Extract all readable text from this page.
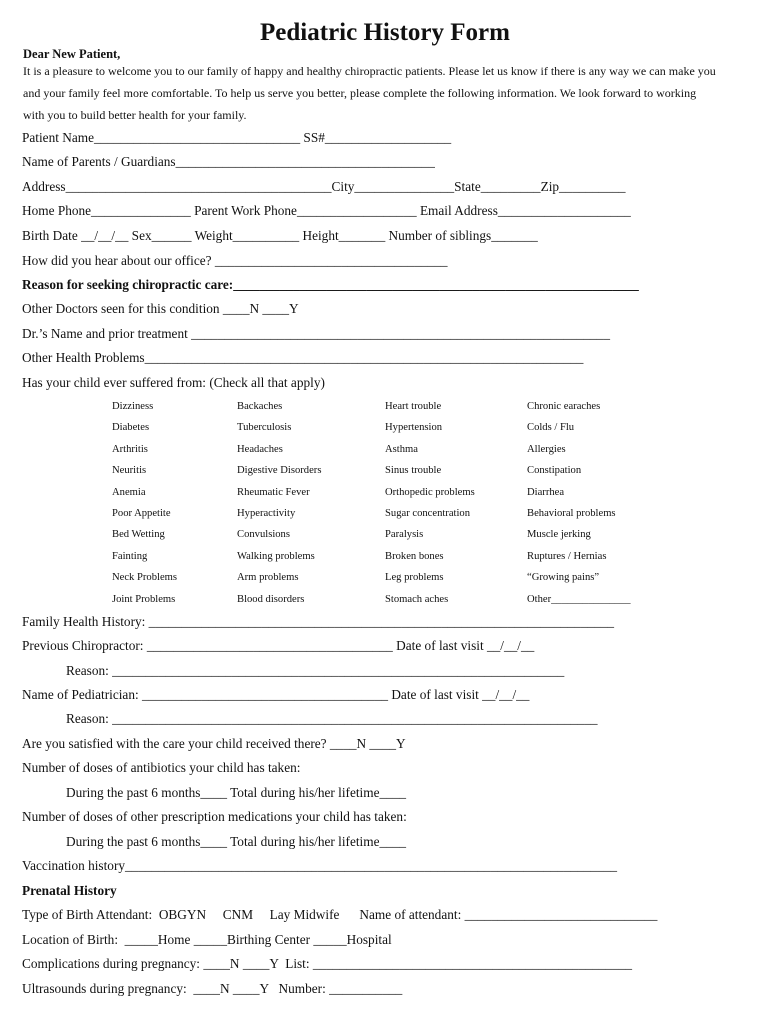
Pediatric History Form
Dear New Patient,
It is a pleasure to welcome you to our family of happy and healthy chiropractic patients. Please let us know if there is any way we can make you
and your family feel more comfortable. To help us serve you better, please complete the following information. We look forward to working
with you to build better health for your family.
Patient Name_______________________________ SS#___________________
Name of Parents / Guardians_______________________________________
Address________________________________________City_______________State_________Zip__________
Home Phone_______________ Parent Work Phone__________________ Email Address____________________
Birth Date __/__/__ Sex______ Weight__________ Height_______ Number of siblings_______
How did you hear about our office? ___________________________________
Reason for seeking chiropractic care:_____________________________________________________________
Other Doctors seen for this condition ____N ____Y
Dr.’s Name and prior treatment _______________________________________________________________
Other Health Problems__________________________________________________________________
Has your child ever suffered from: (Check all that apply)
Dizziness	Backaches	Heart trouble	Chronic earaches
Diabetes	Tuberculosis	Hypertension	Colds / Flu
Arthritis	Headaches	Asthma	Allergies
Neuritis	Digestive Disorders	Sinus trouble	Constipation
Anemia	Rheumatic Fever	Orthopedic problems	Diarrhea
Poor Appetite	Hyperactivity	Sugar concentration	Behavioral problems
Bed Wetting	Convulsions	Paralysis	Muscle jerking
Fainting	Walking problems	Broken bones	Ruptures / Hernias
Neck Problems	Arm problems	Leg problems	“Growing pains”
Joint Problems	Blood disorders	Stomach aches	Other_______________
Family Health History: ______________________________________________________________________
Previous Chiropractor: _____________________________________ Date of last visit __/__/__
Reason: ____________________________________________________________________
Name of Pediatrician: _____________________________________ Date of last visit __/__/__
Reason: _________________________________________________________________________
Are you satisfied with the care your child received there? ____N ____Y
Number of doses of antibiotics your child has taken:
During the past 6 months____ Total during his/her lifetime____
Number of doses of other prescription medications your child has taken:
During the past 6 months____ Total during his/her lifetime____
Vaccination history__________________________________________________________________________
Prenatal History
Type of Birth Attendant:  OBGYN     CNM     Lay Midwife      Name of attendant: _____________________________
Location of Birth:  _____Home _____Birthing Center _____Hospital
Complications during pregnancy: ____N ____Y  List: ________________________________________________
Ultrasounds during pregnancy:  ____N ____Y   Number: ___________
